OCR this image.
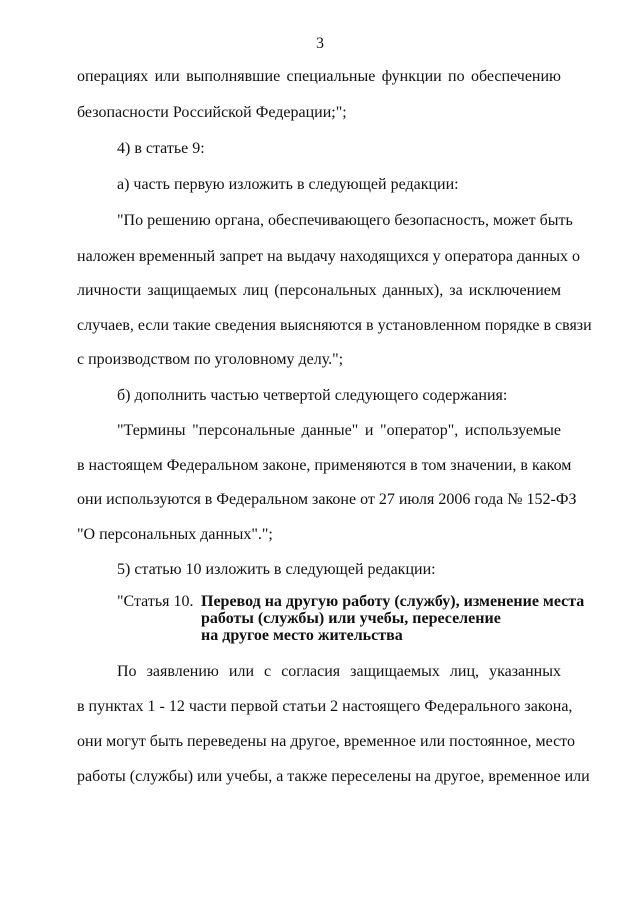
3
операциях или выполнявшие специальные функции по обеспечению
безопасности Российской Федерации;";
4) в статье 9:
а) часть первую изложить в следующей редакции:
"По решению органа, обеспечивающего безопасность, может быть
наложен временный запрет на выдачу находящихся у оператора данных о
личности защищаемых лиц (персональных данных), за исключением
случаев, если такие сведения выясняются в установленном порядке в связи
с производством по уголовному делу.";
б) дополнить частью четвертой следующего содержания:
"Термины "персональные данные" и "оператор", используемые
в настоящем Федеральном законе, применяются в том значении, в каком
они используются в Федеральном законе от 27 июля 2006 года № 152-ФЗ
"О персональных данных".";
5) статью 10 изложить в следующей редакции:
"Статья 10. Перевод на другую работу (службу), изменение места
работы (службы) или учебы, переселение
на другое место жительства
По заявлению или с согласия защищаемых лиц, указанных
в пунктах 1 - 12 части первой статьи 2 настоящего Федерального закона,
они могут быть переведены на другое, временное или постоянное, место
работы (службы) или учебы, а также переселены на другое, временное или
